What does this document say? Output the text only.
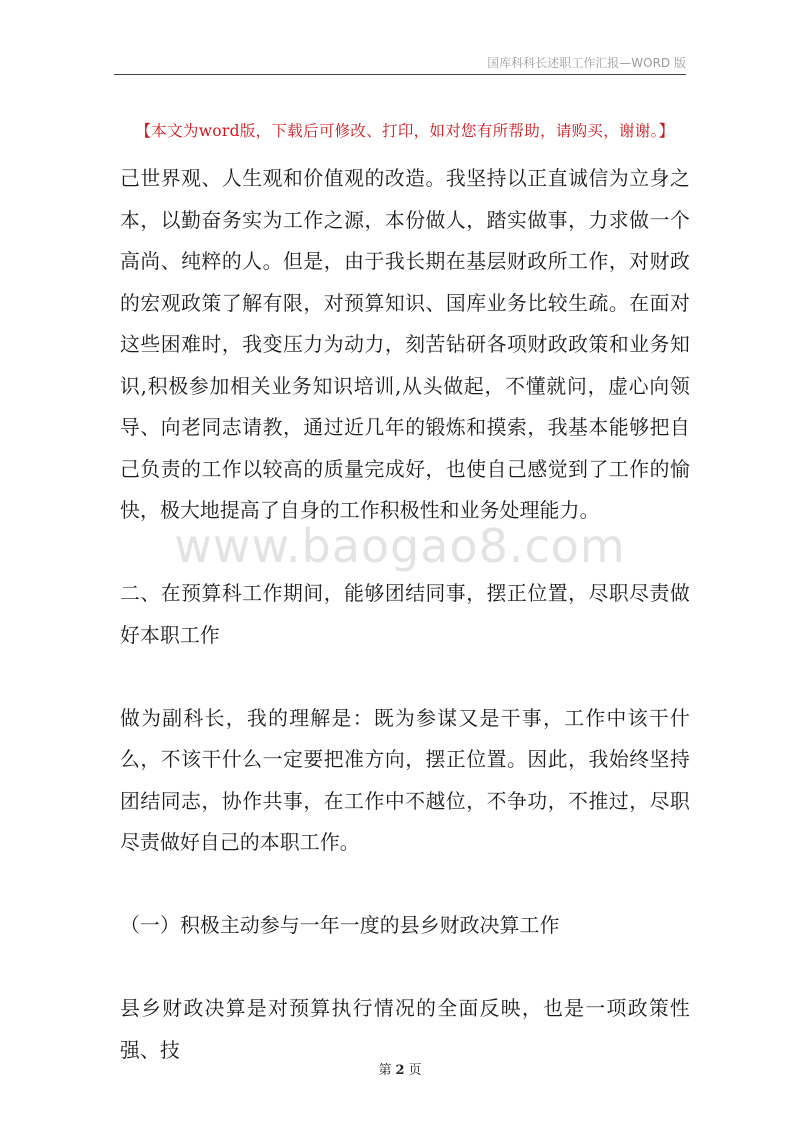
国库科科长述职工作汇报—WORD 版
【本文为word版，下载后可修改、打印，如对您有所帮助，请购买，谢谢。】

己世界观、人生观和价值观的改造。我坚持以正直诚信为立身之本，以勤奋务实为工作之源，本份做人，踏实做事，力求做一个高尚、纯粹的人。但是，由于我长期在基层财政所工作，对财政的宏观政策了解有限，对预算知识、国库业务比较生疏。在面对这些困难时，我变压力为动力，刻苦钻研各项财政政策和业务知识,积极参加相关业务知识培训,从头做起，不懂就问，虚心向领导、向老同志请教，通过近几年的锻炼和摸索，我基本能够把自己负责的工作以较高的质量完成好，也使自己感觉到了工作的愉快，极大地提高了自身的工作积极性和业务处理能力。

二、在预算科工作期间，能够团结同事，摆正位置，尽职尽责做好本职工作

做为副科长，我的理解是：既为参谋又是干事，工作中该干什么，不该干什么一定要把准方向，摆正位置。因此，我始终坚持团结同志，协作共事，在工作中不越位，不争功，不推过，尽职尽责做好自己的本职工作。

（一）积极主动参与一年一度的县乡财政决算工作

县乡财政决算是对预算执行情况的全面反映，也是一项政策性强、技

www.baogao8.com
第 2 页
